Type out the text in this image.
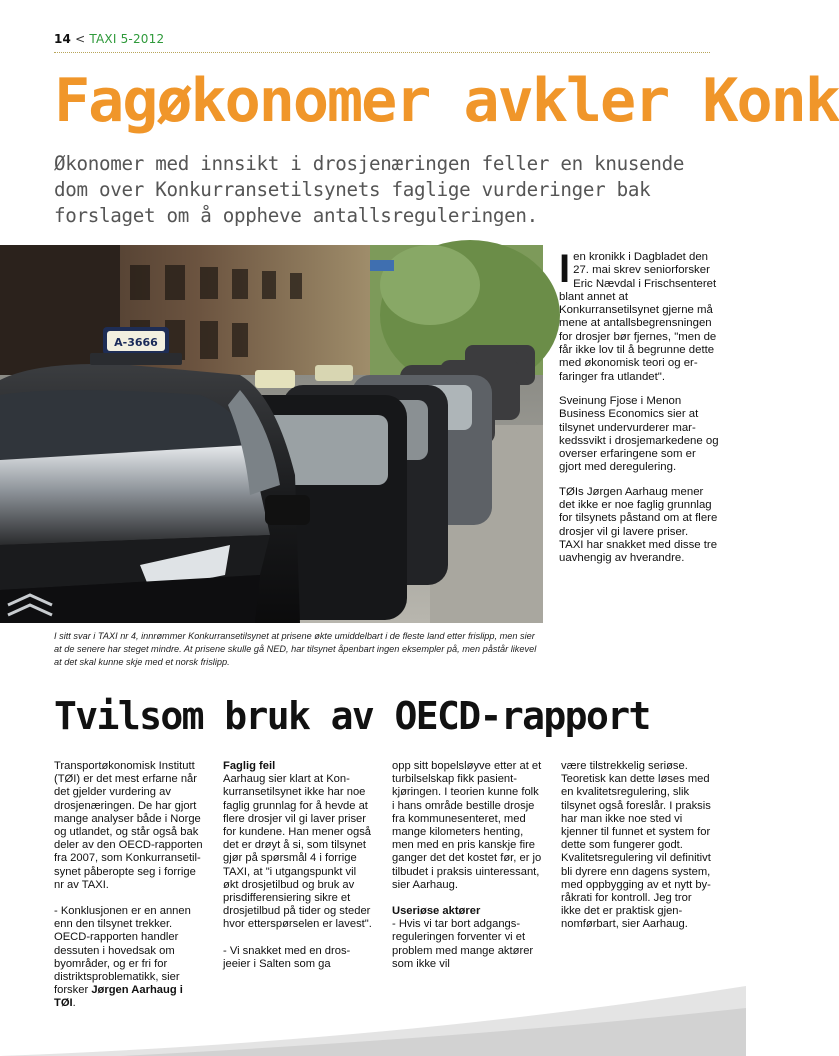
14 < TAXI 5-2012
Fagøkonomer avkler Konk
Økonomer med innsikt i drosjenæringen feller en knusende dom over Konkurransetilsynets faglige vurderinger bak forslaget om å oppheve antallsreguleringen.
A-3666
I sitt svar i TAXI nr 4, innrømmer Konkurransetilsynet at prisene økte umiddelbart i de fleste land etter frislipp, men sier at de senere har steget mindre. At prisene skulle gå NED, har tilsynet åpenbart ingen eksempler på, men påstår likevel at det skal kunne skje med et norsk frislipp.

Ien kronikk i Dagbladet den 27. mai skrev seniorforsker Eric Nævdal i Frischsenteret blant annet at Konkurransetilsynet gjerne må mene at antallsbegrensningen for drosjer bør fjernes, "men de får ikke lov til å begrunne dette med økonomisk teori og erfaringer fra utlandet".

Sveinung Fjose i Menon Business Economics sier at tilsynet undervurderer markedssvikt i drosjemarkedene og overser erfaringene som er gjort med deregulering.

TØIs Jørgen Aarhaug mener det ikke er noe faglig grunnlag for tilsynets påstand om at flere drosjer vil gi lavere priser.
TAXI har snakket med disse tre uavhengig av hverandre.

Tvilsom bruk av OECD-rapport

Transportøkonomisk Institutt (TØI) er det mest erfarne når det gjelder vurdering av drosjenæringen. De har gjort mange analyser både i Norge og utlandet, og står også bak deler av den OECD-rapporten fra 2007, som Konkurransetilsynet påberopte seg i forrige nr av TAXI.

- Konklusjonen er en annen enn den tilsynet trekker. OECD-rapporten handler dessuten i hovedsak om byområder, og er fri for distriktsproblematikk, sier forsker Jørgen Aarhaug i TØI.

Faglig feil
Aarhaug sier klart at Konkurransetilsynet ikke har noe faglig grunnlag for å hevde at flere drosjer vil gi laver priser for kundene. Han mener også det er drøyt å si, som tilsynet gjør på spørsmål 4 i forrige TAXI, at "i utgangspunkt vil økt drosjetilbud og bruk av prisdifferensiering sikre et drosjetilbud på tider og steder hvor etterspørselen er lavest".

- Vi snakket med en drosjeeier i Salten som ga

opp sitt bopelsløyve etter at et turbilselskap fikk pasientkjøringen. I teorien kunne folk i hans område bestille drosje fra kommunesenteret, med mange kilometers henting, men med en pris kanskje fire ganger det det kostet før, er jo tilbudet i praksis uinteressant, sier Aarhaug.

Useriøse aktører
- Hvis vi tar bort adgangsreguleringen forventer vi et problem med mange aktører som ikke vil

være tilstrekkelig seriøse. Teoretisk kan dette løses med en kvalitetsregulering, slik tilsynet også foreslår. I praksis har man ikke noe sted vi kjenner til funnet et system for dette som fungerer godt. Kvalitetsregulering vil definitivt bli dyrere enn dagens system, med oppbygging av et nytt byråkrati for kontroll. Jeg tror ikke det er praktisk gjennomførbart, sier Aarhaug.
